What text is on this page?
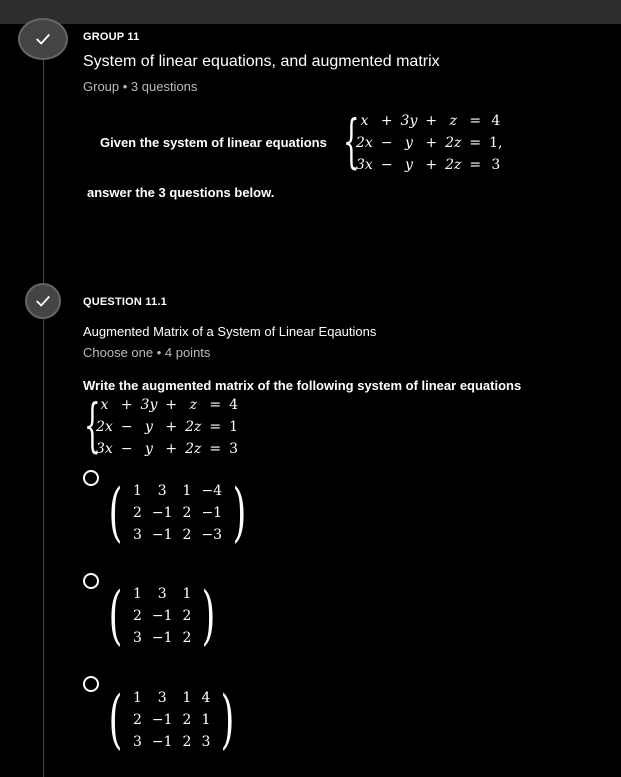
GROUP 11
System of linear equations, and augmented matrix
Group • 3 questions
Given the system of linear equations { x	+	3y	+	z	=	4
2x	−	y	+	2z	=	1,
3x	−	y	+	2z	=	3
answer the 3 questions below.
QUESTION 11.1
Augmented Matrix of a System of Linear Eqautions
Choose one • 4 points
Write the augmented matrix of the following system of linear equations
{ x	+	3y	+	z	=	4
2x	−	y	+	2z	=	1
3x	−	y	+	2z	=	3
( 1	3	1	−4
2	−1	2	−1
3	−1	2	−3 )
( 1	3	1
2	−1	2
3	−1	2 )
( 1	3	1	4
2	−1	2	1
3	−1	2	3 )
